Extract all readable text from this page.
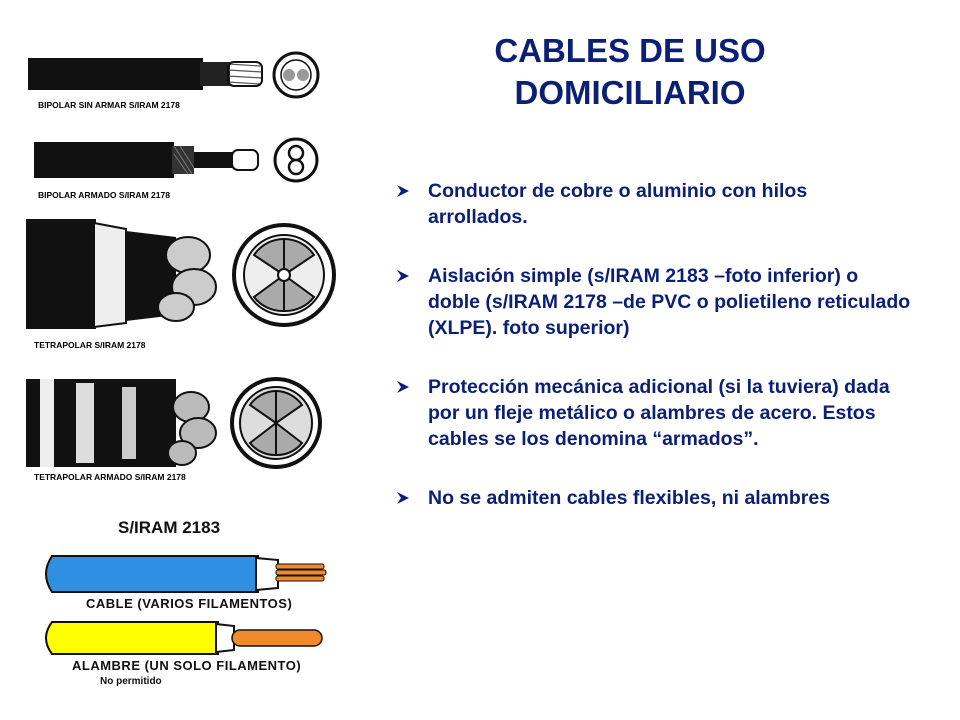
CABLES DE USO
DOMICILIARIO
Conductor de cobre o aluminio con hilos arrollados.
Aislación simple (s/IRAM 2183 –foto inferior) o doble (s/IRAM 2178 –de PVC o polietileno reticulado (XLPE). foto superior)
Protección mecánica adicional (si la tuviera) dada por un fleje metálico o alambres de acero. Estos cables se los denomina “armados”.
No se admiten cables flexibles, ni alambres
BIPOLAR SIN ARMAR S/IRAM 2178
BIPOLAR ARMADO S/IRAM 2178
TETRAPOLAR S/IRAM 2178
TETRAPOLAR ARMADO S/IRAM 2178
S/IRAM 2183
CABLE (VARIOS FILAMENTOS)
ALAMBRE (UN SOLO FILAMENTO)
No permitido
